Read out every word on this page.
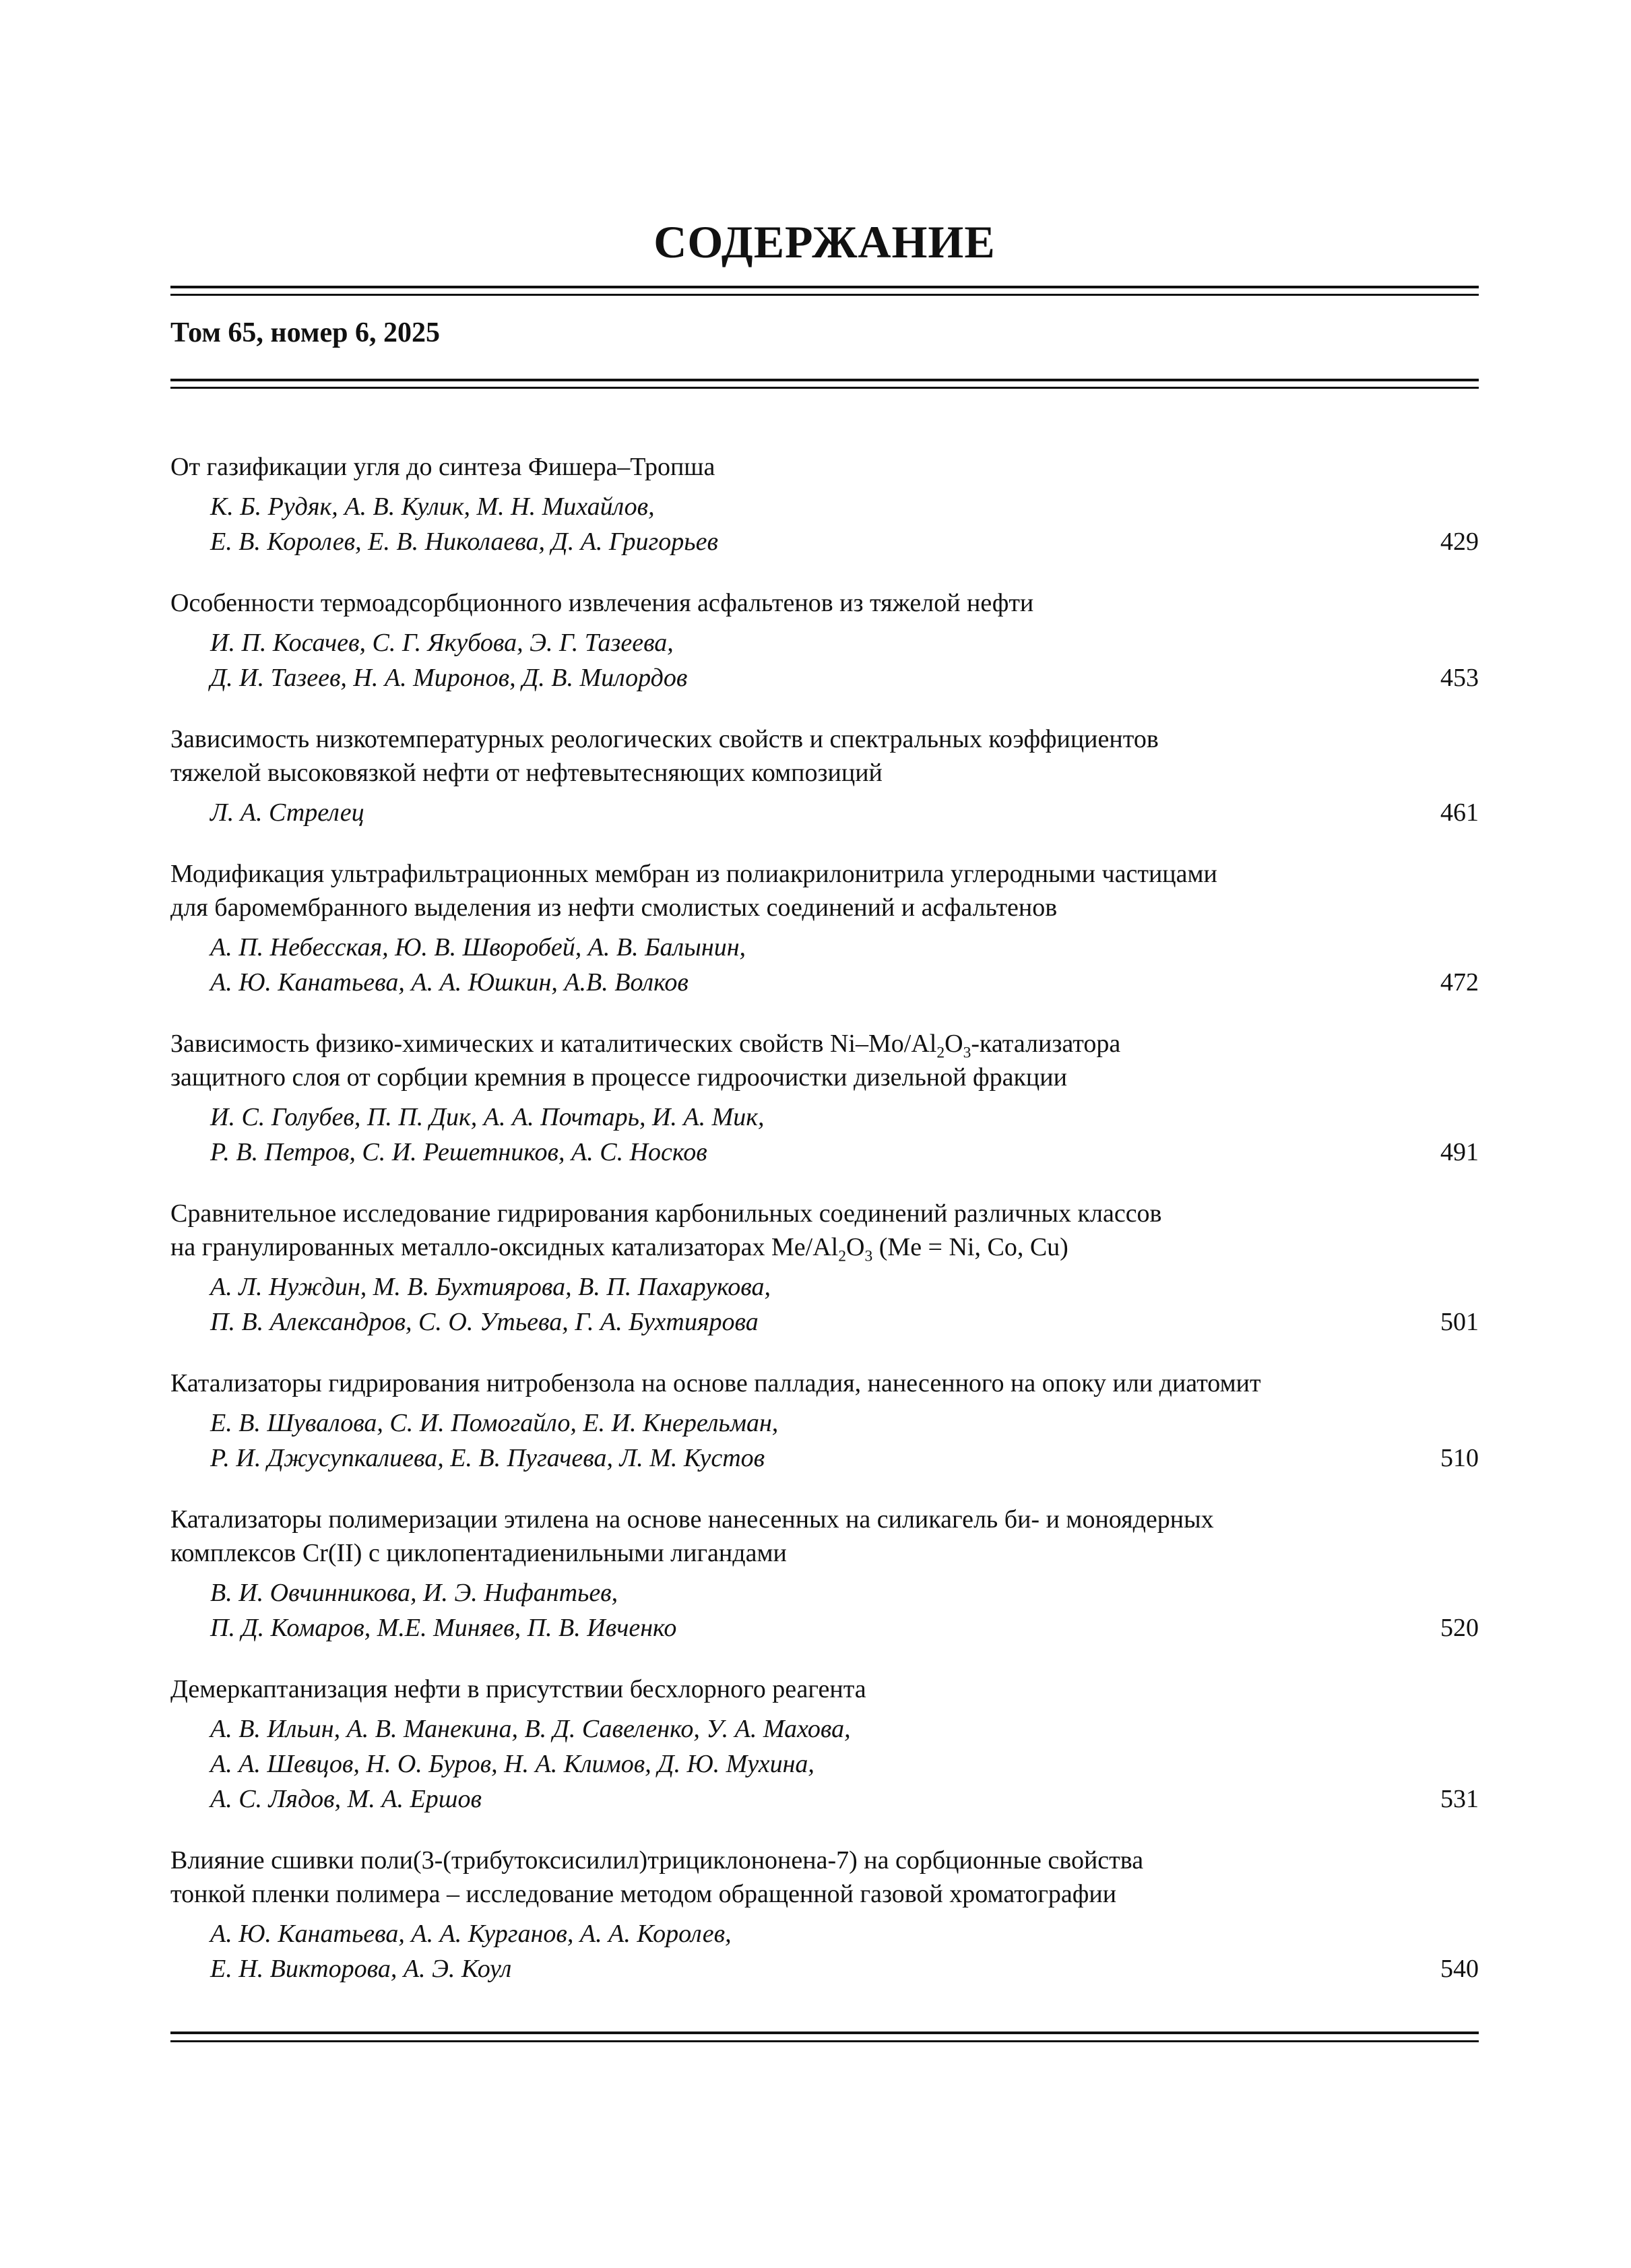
СОДЕРЖАНИЕ
Том 65, номер 6, 2025
От газификации угля до синтеза Фишера–Тропша
К. Б. Рудяк, А. В. Кулик, М. Н. Михайлов,
Е. В. Королев, Е. В. Николаева, Д. А. Григорьев	429
Особенности термоадсорбционного извлечения асфальтенов из тяжелой нефти
И. П. Косачев, С. Г. Якубова, Э. Г. Тазеева,
Д. И. Тазеев, Н. А. Миронов, Д. В. Милордов	453
Зависимость низкотемпературных реологических свойств и спектральных коэффициентов
тяжелой высоковязкой нефти от нефтевытесняющих композиций
Л. А. Стрелец	461
Модификация ультрафильтрационных мембран из полиакрилонитрила углеродными частицами
для баромембранного выделения из нефти смолистых соединений и асфальтенов
А. П. Небесская, Ю. В. Шворобей, А. В. Балынин,
А. Ю. Канатьева, А. А. Юшкин, А.В. Волков	472
Зависимость физико-химических и каталитических свойств $Ni-Mo/Al_2O_3$-катализатора
защитного слоя от сорбции кремния в процессе гидроочистки дизельной фракции
И. С. Голубев, П. П. Дик, А. А. Почтарь, И. А. Мик,
Р. В. Петров, С. И. Решетников, А. С. Носков	491
Сравнительное исследование гидрирования карбонильных соединений различных классов
на гранулированных металло-оксидных катализаторах $Me/Al_2O_3$ (Me = Ni, Co, Cu)
А. Л. Нуждин, М. В. Бухтиярова, В. П. Пахарукова,
П. В. Александров, С. О. Утьева, Г. А. Бухтиярова	501
Катализаторы гидрирования нитробензола на основе палладия, нанесенного на опоку или диатомит
Е. В. Шувалова, С. И. Помогайло, Е. И. Кнерельман,
Р. И. Джусупкалиева, Е. В. Пугачева, Л. М. Кустов	510
Катализаторы полимеризации этилена на основе нанесенных на силикагель би- и моноядерных
комплексов Cr(II) с циклопентадиенильными лигандами
В. И. Овчинникова, И. Э. Нифантьев,
П. Д. Комаров, М.Е. Миняев, П. В. Ивченко	520
Демеркаптанизация нефти в присутствии бесхлорного реагента
А. В. Ильин, А. В. Манекина, В. Д. Савеленко, У. А. Махова,
А. А. Шевцов, Н. О. Буров, Н. А. Климов, Д. Ю. Мухина,
А. С. Лядов, М. А. Ершов	531
Влияние сшивки поли(3-(трибутоксисилил)трициклононена-7) на сорбционные свойства
тонкой пленки полимера – исследование методом обращенной газовой хроматографии
А. Ю. Канатьева, А. А. Курганов, А. А. Королев,
Е. Н. Викторова, А. Э. Коул	540
